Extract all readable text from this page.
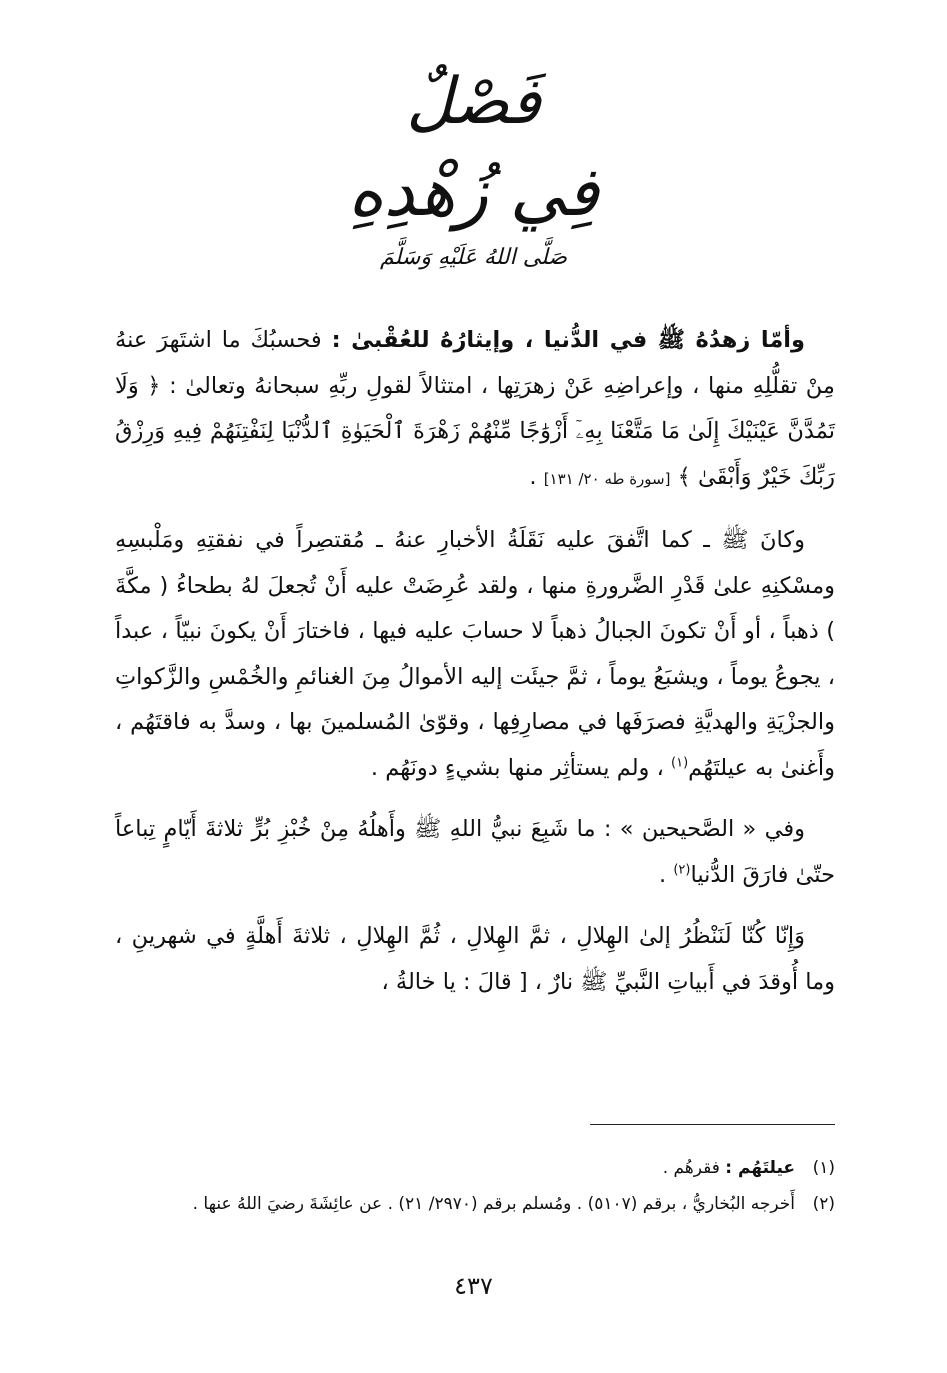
فَصْلٌ
فِي زُهْدِهِ
صَلَّى اللهُ عَلَيْهِ وَسَلَّمَ

وأمّا زهدُهُ ﷺ في الدُّنيا ، وإيثارُهُ للعُقْبىٰ : فحسبُكَ ما اشتَهرَ عنهُ مِنْ تقلُّلِهِ منها ، وإعراضِهِ عَنْ زهرَتِها ، امتثالاً لقولِ ربِّهِ سبحانهُ وتعالىٰ : ﴿ وَلَا تَمُدَّنَّ عَيْنَيْكَ إِلَىٰ مَا مَتَّعْنَا بِهِۦٓ أَزْوَٰجًا مِّنْهُمْ زَهْرَةَ ٱلْحَيَوٰةِ ٱلدُّنْيَا لِنَفْتِنَهُمْ فِيهِ وَرِزْقُ رَبِّكَ خَيْرٌ وَأَبْقَىٰ ﴾ [سورة طه ٢٠/ ١٣١] .

وكانَ ﷺ ـ كما اتَّفقَ عليه نَقَلَةُ الأخبارِ عنهُ ـ مُقتصِراً في نفقتِهِ ومَلْبسِهِ ومسْكنِهِ علىٰ قَدْرِ الضَّرورةِ منها ، ولقد عُرِضَتْ عليه أَنْ تُجعلَ لهُ بطحاءُ ( مكَّةَ ) ذهباً ، أو أَنْ تكونَ الجبالُ ذهباً لا حسابَ عليه فيها ، فاختارَ أَنْ يكونَ نبيّاً ، عبداً ، يجوعُ يوماً ، ويشبَعُ يوماً ، ثمَّ جيئَت إليه الأموالُ مِنَ الغنائمِ والخُمْسِ والزَّكواتِ والجزْيَةِ والهديَّةِ فصرَفَها في مصارِفِها ، وقوّىٰ المُسلمينَ بها ، وسدَّ به فاقتَهُم ، وأَغنىٰ به عيلتَهُم$^{(١)}$ ، ولم يستأثِر منها بشيءٍ دونَهُم .

وفي « الصَّحيحين » : ما شَبِعَ نبيُّ اللهِ ﷺ وأَهلُهُ مِنْ خُبْزِ بُرٍّ ثلاثةَ أَيّامٍ تِباعاً حتّىٰ فارَقَ الدُّنيا$^{(٢)}$ .

وَإِنّا كُنّا لَنَنْظُرُ إلىٰ الهِلالِ ، ثمَّ الهِلالِ ، ثُمَّ الهِلالِ ، ثلاثةَ أَهلَّةٍ في شهرينِ ، وما أُوقدَ في أَبياتِ النَّبيِّ ﷺ نارٌ ، [ قالَ : يا خالةُ ،

(١)
عيلتَهُم : فقرهُم .
(٢)
أَخرجه البُخاريُّ ، برقم (٥١٠٧) . ومُسلم برقم (٢٩٧٠/ ٢١) . عن عائِشَةَ رضيَ اللهُ عنها .
٤٣٧
